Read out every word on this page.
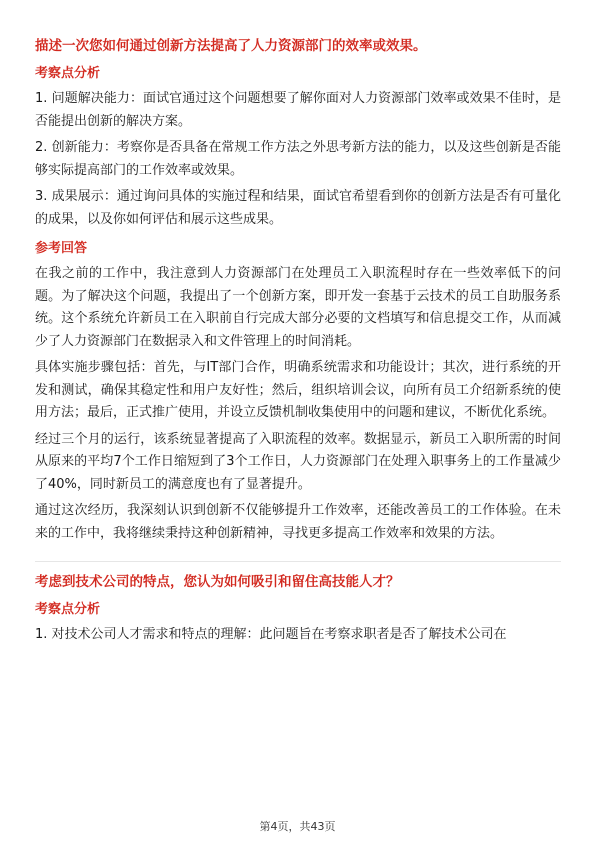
描述一次您如何通过创新方法提高了人力资源部门的效率或效果。
考察点分析

1. 问题解决能力：面试官通过这个问题想要了解你面对人力资源部门效率或效果不佳时，是否能提出创新的解决方案。

2. 创新能力：考察你是否具备在常规工作方法之外思考新方法的能力，以及这些创新是否能够实际提高部门的工作效率或效果。

3. 成果展示：通过询问具体的实施过程和结果，面试官希望看到你的创新方法是否有可量化的成果，以及你如何评估和展示这些成果。

参考回答

在我之前的工作中，我注意到人力资源部门在处理员工入职流程时存在一些效率低下的问题。为了解决这个问题，我提出了一个创新方案，即开发一套基于云技术的员工自助服务系统。这个系统允许新员工在入职前自行完成大部分必要的文档填写和信息提交工作，从而减少了人力资源部门在数据录入和文件管理上的时间消耗。

具体实施步骤包括：首先，与IT部门合作，明确系统需求和功能设计；其次，进行系统的开发和测试，确保其稳定性和用户友好性；然后，组织培训会议，向所有员工介绍新系统的使用方法；最后，正式推广使用，并设立反馈机制收集使用中的问题和建议，不断优化系统。

经过三个月的运行，该系统显著提高了入职流程的效率。数据显示，新员工入职所需的时间从原来的平均7个工作日缩短到了3个工作日，人力资源部门在处理入职事务上的工作量减少了40%，同时新员工的满意度也有了显著提升。

通过这次经历，我深刻认识到创新不仅能够提升工作效率，还能改善员工的工作体验。在未来的工作中，我将继续秉持这种创新精神，寻找更多提高工作效率和效果的方法。

考虑到技术公司的特点，您认为如何吸引和留住高技能人才？
考察点分析

1. 对技术公司人才需求和特点的理解：此问题旨在考察求职者是否了解技术公司在

第4页，共43页
